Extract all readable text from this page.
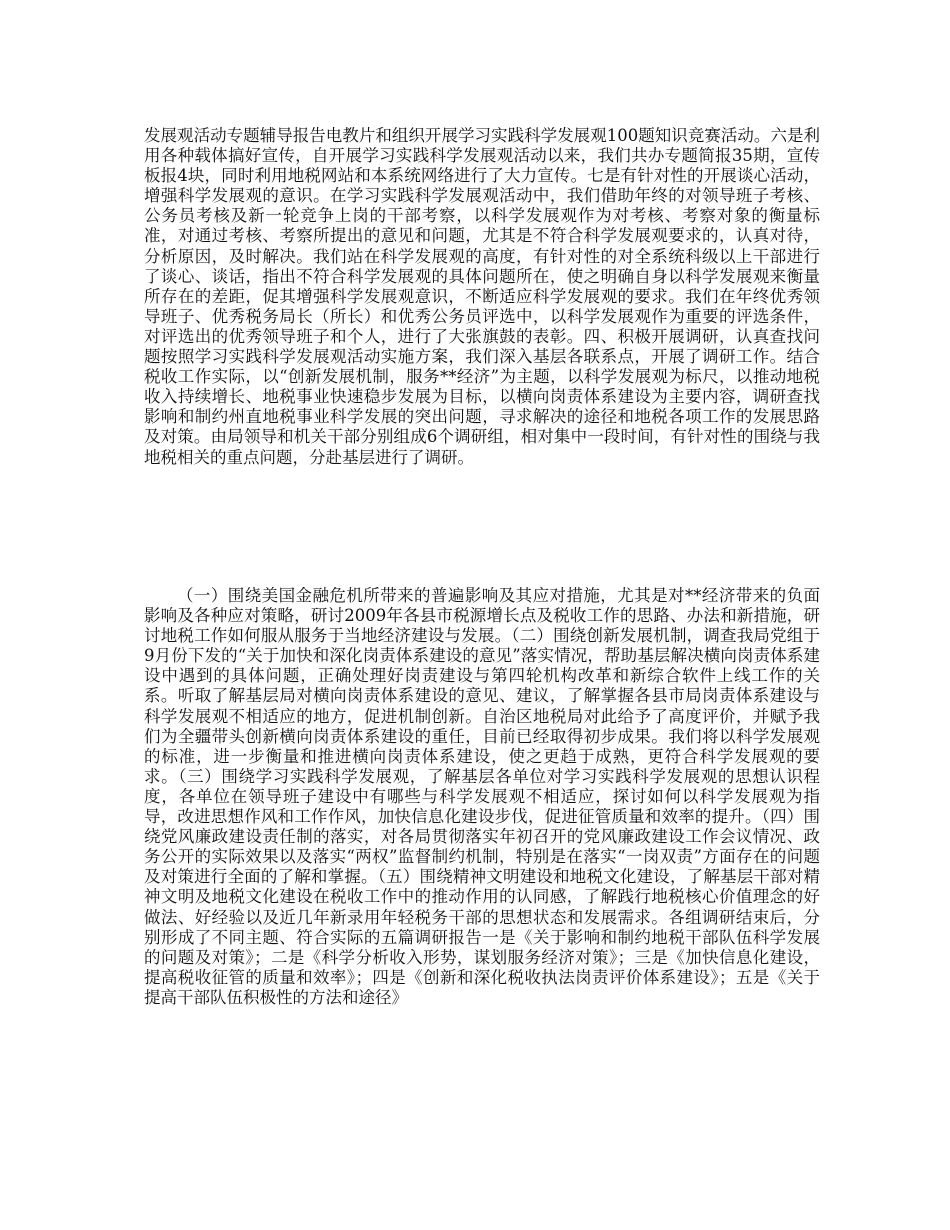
发展观活动专题辅导报告电教片和组织开展学习实践科学发展观100题知识竞赛活动。六是利用各种载体搞好宣传，自开展学习实践科学发展观活动以来，我们共办专题简报35期，宣传板报4块，同时利用地税网站和本系统网络进行了大力宣传。七是有针对性的开展谈心活动，增强科学发展观的意识。在学习实践科学发展观活动中，我们借助年终的对领导班子考核、公务员考核及新一轮竞争上岗的干部考察，以科学发展观作为对考核、考察对象的衡量标准，对通过考核、考察所提出的意见和问题，尤其是不符合科学发展观要求的，认真对待，分析原因，及时解决。我们站在科学发展观的高度，有针对性的对全系统科级以上干部进行了谈心、谈话，指出不符合科学发展观的具体问题所在，使之明确自身以科学发展观来衡量所存在的差距，促其增强科学发展观意识，不断适应科学发展观的要求。我们在年终优秀领导班子、优秀税务局长（所长）和优秀公务员评选中，以科学发展观作为重要的评选条件，对评选出的优秀领导班子和个人，进行了大张旗鼓的表彰。四、积极开展调研，认真查找问题按照学习实践科学发展观活动实施方案，我们深入基层各联系点，开展了调研工作。结合税收工作实际，以“创新发展机制，服务**经济”为主题，以科学发展观为标尺，以推动地税收入持续增长、地税事业快速稳步发展为目标，以横向岗责体系建设为主要内容，调研查找影响和制约州直地税事业科学发展的突出问题，寻求解决的途径和地税各项工作的发展思路及对策。由局领导和机关干部分别组成6个调研组，相对集中一段时间，有针对性的围绕与我地税相关的重点问题，分赴基层进行了调研。

（一）围绕美国金融危机所带来的普遍影响及其应对措施，尤其是对**经济带来的负面影响及各种应对策略，研讨2009年各县市税源增长点及税收工作的思路、办法和新措施，研讨地税工作如何服从服务于当地经济建设与发展。（二）围绕创新发展机制，调查我局党组于9月份下发的“关于加快和深化岗责体系建设的意见”落实情况，帮助基层解决横向岗责体系建设中遇到的具体问题，正确处理好岗责建设与第四轮机构改革和新综合软件上线工作的关系。听取了解基层局对横向岗责体系建设的意见、建议，了解掌握各县市局岗责体系建设与科学发展观不相适应的地方，促进机制创新。自治区地税局对此给予了高度评价，并赋予我们为全疆带头创新横向岗责体系建设的重任，目前已经取得初步成果。我们将以科学发展观的标准，进一步衡量和推进横向岗责体系建设，使之更趋于成熟，更符合科学发展观的要求。（三）围绕学习实践科学发展观，了解基层各单位对学习实践科学发展观的思想认识程度，各单位在领导班子建设中有哪些与科学发展观不相适应，探讨如何以科学发展观为指导，改进思想作风和工作作风，加快信息化建设步伐，促进征管质量和效率的提升。（四）围绕党风廉政建设责任制的落实，对各局贯彻落实年初召开的党风廉政建设工作会议情况、政务公开的实际效果以及落实“两权”监督制约机制，特别是在落实“一岗双责”方面存在的问题及对策进行全面的了解和掌握。（五）围绕精神文明建设和地税文化建设，了解基层干部对精神文明及地税文化建设在税收工作中的推动作用的认同感，了解践行地税核心价值理念的好做法、好经验以及近几年新录用年轻税务干部的思想状态和发展需求。各组调研结束后，分别形成了不同主题、符合实际的五篇调研报告一是《关于影响和制约地税干部队伍科学发展的问题及对策》；二是《科学分析收入形势，谋划服务经济对策》；三是《加快信息化建设，提高税收征管的质量和效率》；四是《创新和深化税收执法岗责评价体系建设》；五是《关于提高干部队伍积极性的方法和途径》
